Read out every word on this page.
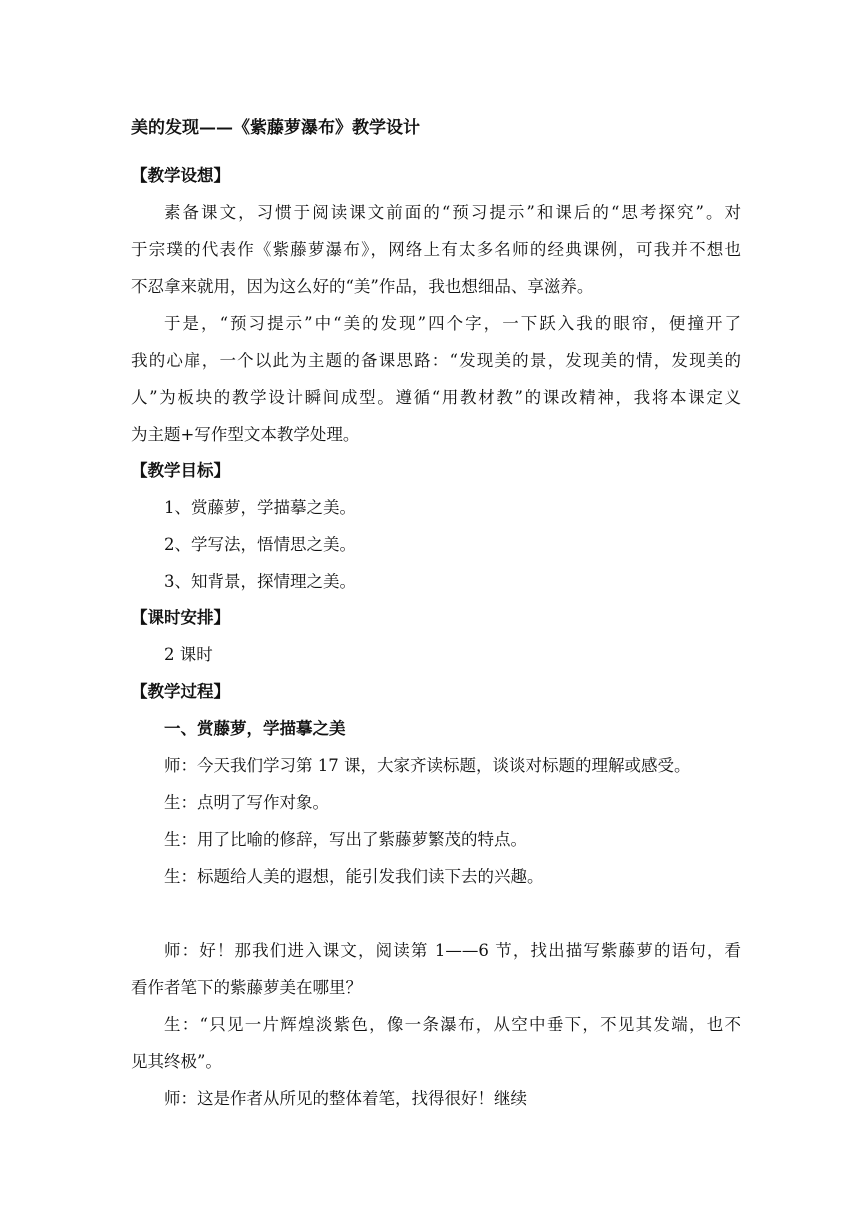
美的发现——《紫藤萝瀑布》教学设计
【教学设想】
素备课文，习惯于阅读课文前面的“预习提示”和课后的“思考探究”。对
于宗璞的代表作《紫藤萝瀑布》，网络上有太多名师的经典课例，可我并不想也
不忍拿来就用，因为这么好的“美”作品，我也想细品、享滋养。
于是，“预习提示”中“美的发现”四个字，一下跃入我的眼帘，便撞开了
我的心扉，一个以此为主题的备课思路：“发现美的景，发现美的情，发现美的
人”为板块的教学设计瞬间成型。遵循“用教材教”的课改精神，我将本课定义
为主题+写作型文本教学处理。
【教学目标】
1、赏藤萝，学描摹之美。
2、学写法，悟情思之美。
3、知背景，探情理之美。
【课时安排】
2 课时
【教学过程】
一、赏藤萝，学描摹之美
师：今天我们学习第 17 课，大家齐读标题，谈谈对标题的理解或感受。
生：点明了写作对象。
生：用了比喻的修辞，写出了紫藤萝繁茂的特点。
生：标题给人美的遐想，能引发我们读下去的兴趣。
师：好！那我们进入课文，阅读第 1——6 节，找出描写紫藤萝的语句，看
看作者笔下的紫藤萝美在哪里？
生：“只见一片辉煌淡紫色，像一条瀑布，从空中垂下，不见其发端，也不
见其终极”。
师：这是作者从所见的整体着笔，找得很好！继续
